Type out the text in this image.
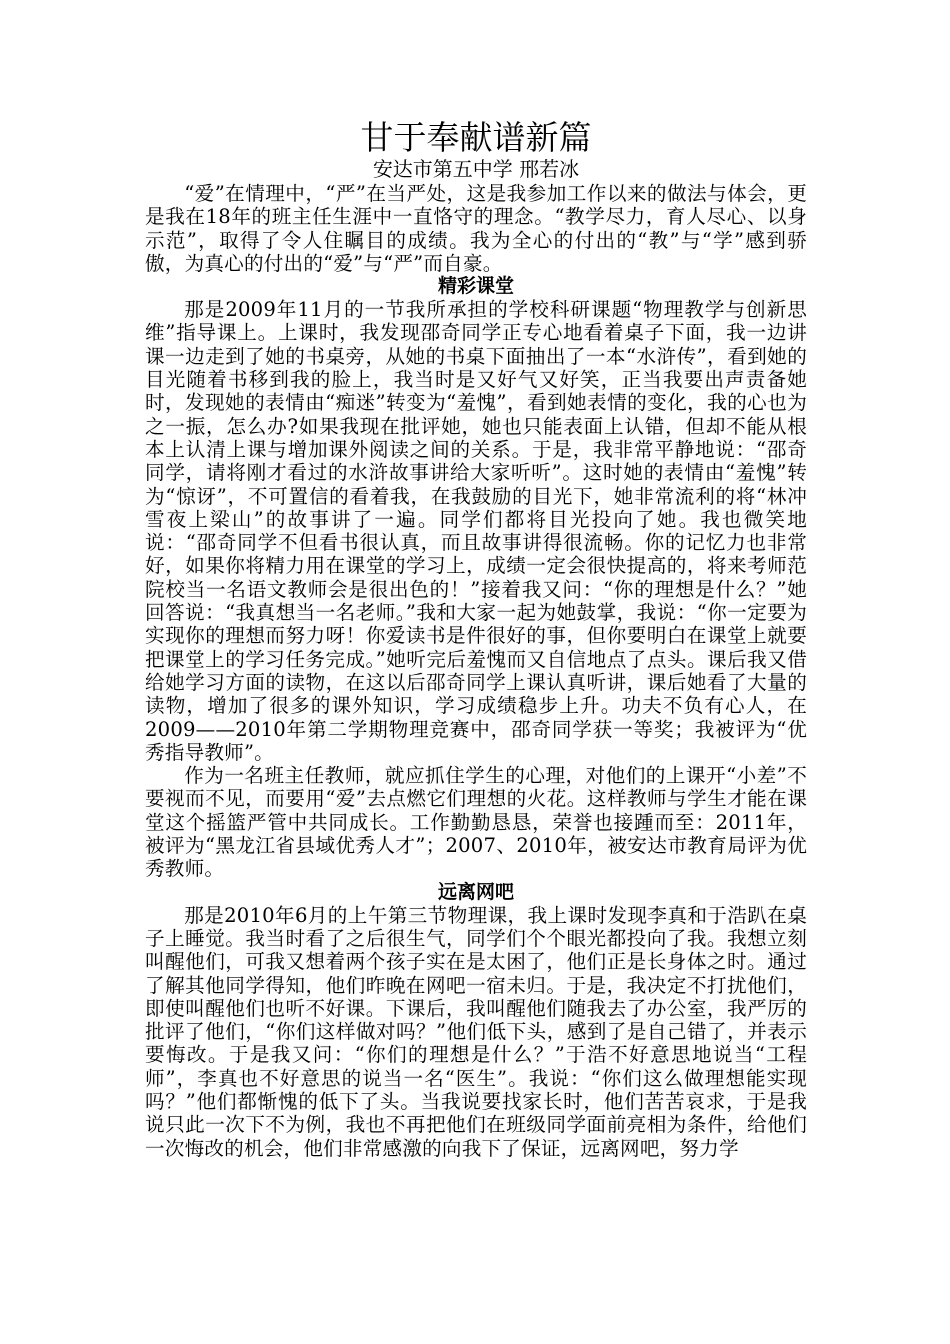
甘于奉献谱新篇

安达市第五中学 邢若冰

“爱”在情理中，“严”在当严处，这是我参加工作以来的做法与体会，更是我在18年的班主任生涯中一直恪守的理念。“教学尽力，育人尽心、以身示范”，取得了令人住瞩目的成绩。我为全心的付出的“教”与“学”感到骄傲，为真心的付出的“爱”与“严”而自豪。

精彩课堂

那是2009年11月的一节我所承担的学校科研课题“物理教学与创新思维”指导课上。上课时，我发现邵奇同学正专心地看着桌子下面，我一边讲课一边走到了她的书桌旁，从她的书桌下面抽出了一本“水浒传”，看到她的目光随着书移到我的脸上，我当时是又好气又好笑，正当我要出声责备她时，发现她的表情由“痴迷”转变为“羞愧”，看到她表情的变化，我的心也为之一振，怎么办?如果我现在批评她，她也只能表面上认错，但却不能从根本上认清上课与增加课外阅读之间的关系。于是，我非常平静地说：“邵奇同学，请将刚才看过的水浒故事讲给大家听听”。这时她的表情由“羞愧”转为“惊讶”，不可置信的看着我，在我鼓励的目光下，她非常流利的将“林冲雪夜上梁山”的故事讲了一遍。同学们都将目光投向了她。我也微笑地说：“邵奇同学不但看书很认真，而且故事讲得很流畅。你的记忆力也非常好，如果你将精力用在课堂的学习上，成绩一定会很快提高的，将来考师范院校当一名语文教师会是很出色的！”接着我又问：“你的理想是什么？”她回答说：“我真想当一名老师。”我和大家一起为她鼓掌，我说：“你一定要为实现你的理想而努力呀！你爱读书是件很好的事，但你要明白在课堂上就要把课堂上的学习任务完成。”她听完后羞愧而又自信地点了点头。课后我又借给她学习方面的读物，在这以后邵奇同学上课认真听讲，课后她看了大量的读物，增加了很多的课外知识，学习成绩稳步上升。功夫不负有心人，在2009——2010年第二学期物理竞赛中，邵奇同学获一等奖；我被评为“优秀指导教师”。

作为一名班主任教师，就应抓住学生的心理，对他们的上课开“小差”不要视而不见，而要用“爱”去点燃它们理想的火花。这样教师与学生才能在课堂这个摇篮严管中共同成长。工作勤勤恳恳，荣誉也接踵而至：2011年，被评为“黑龙江省县域优秀人才”；2007、2010年，被安达市教育局评为优秀教师。

远离网吧

那是2010年6月的上午第三节物理课，我上课时发现李真和于浩趴在桌子上睡觉。我当时看了之后很生气，同学们个个眼光都投向了我。我想立刻叫醒他们，可我又想着两个孩子实在是太困了，他们正是长身体之时。通过了解其他同学得知，他们昨晚在网吧一宿未归。于是，我决定不打扰他们，即使叫醒他们也听不好课。下课后，我叫醒他们随我去了办公室，我严厉的批评了他们，“你们这样做对吗？”他们低下头，感到了是自己错了，并表示要悔改。于是我又问：“你们的理想是什么？”于浩不好意思地说当“工程师”，李真也不好意思的说当一名“医生”。我说：“你们这么做理想能实现吗？”他们都惭愧的低下了头。当我说要找家长时，他们苦苦哀求，于是我说只此一次下不为例，我也不再把他们在班级同学面前亮相为条件，给他们一次悔改的机会，他们非常感激的向我下了保证，远离网吧，努力学
